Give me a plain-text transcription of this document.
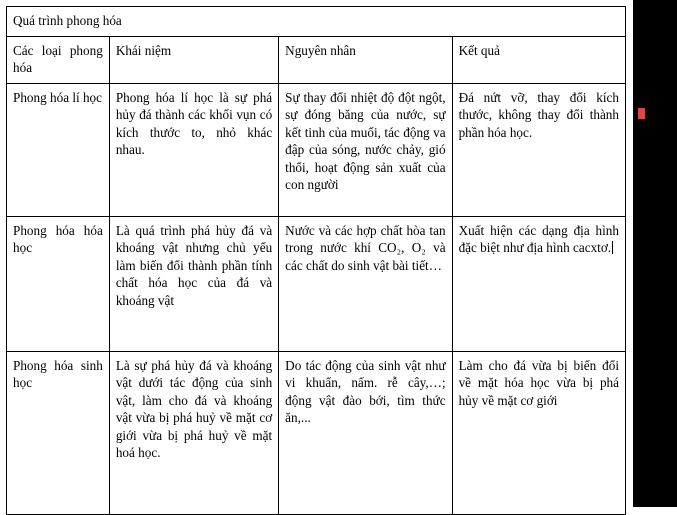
Quá trình phong hóa			
Các loại phong hóa	Khái niệm	Nguyên nhân	Kết quả
Phong hóa lí học	Phong hóa lí học là sự phá hủy đá thành các khối vụn có kích thước to, nhỏ khác nhau.	Sự thay đổi nhiệt độ đột ngột, sự đóng băng của nước, sự kết tinh của muối, tác động va đập của sóng, nước chảy, gió thổi, hoạt động sản xuất của con người	Đá nứt vỡ, thay đổi kích thước, không thay đổi thành phần hóa học.
Phong hóa hóa học	Là quá trình phá hủy đá và khoáng vật nhưng chủ yếu làm biến đổi thành phần tính chất hóa học của đá và khoáng vật	Nước và các hợp chất hòa tan trong nước khí CO₂, O₂ và các chất do sinh vật bài tiết…	Xuất hiện các dạng địa hình đặc biệt như địa hình cacxtơ.
Phong hóa sinh học	Là sự phá hủy đá và khoáng vật dưới tác động của sinh vật, làm cho đá và khoáng vật vừa bị phá huỷ về mặt cơ giới vừa bị phá huỷ về mặt hoá học.	Do tác động của sinh vật như vi khuẩn, nấm. rễ cây,…; động vật đào bới, tìm thức ăn,...	Làm cho đá vừa bị biến đổi về mặt hóa học vừa bị phá hủy về mặt cơ giới
